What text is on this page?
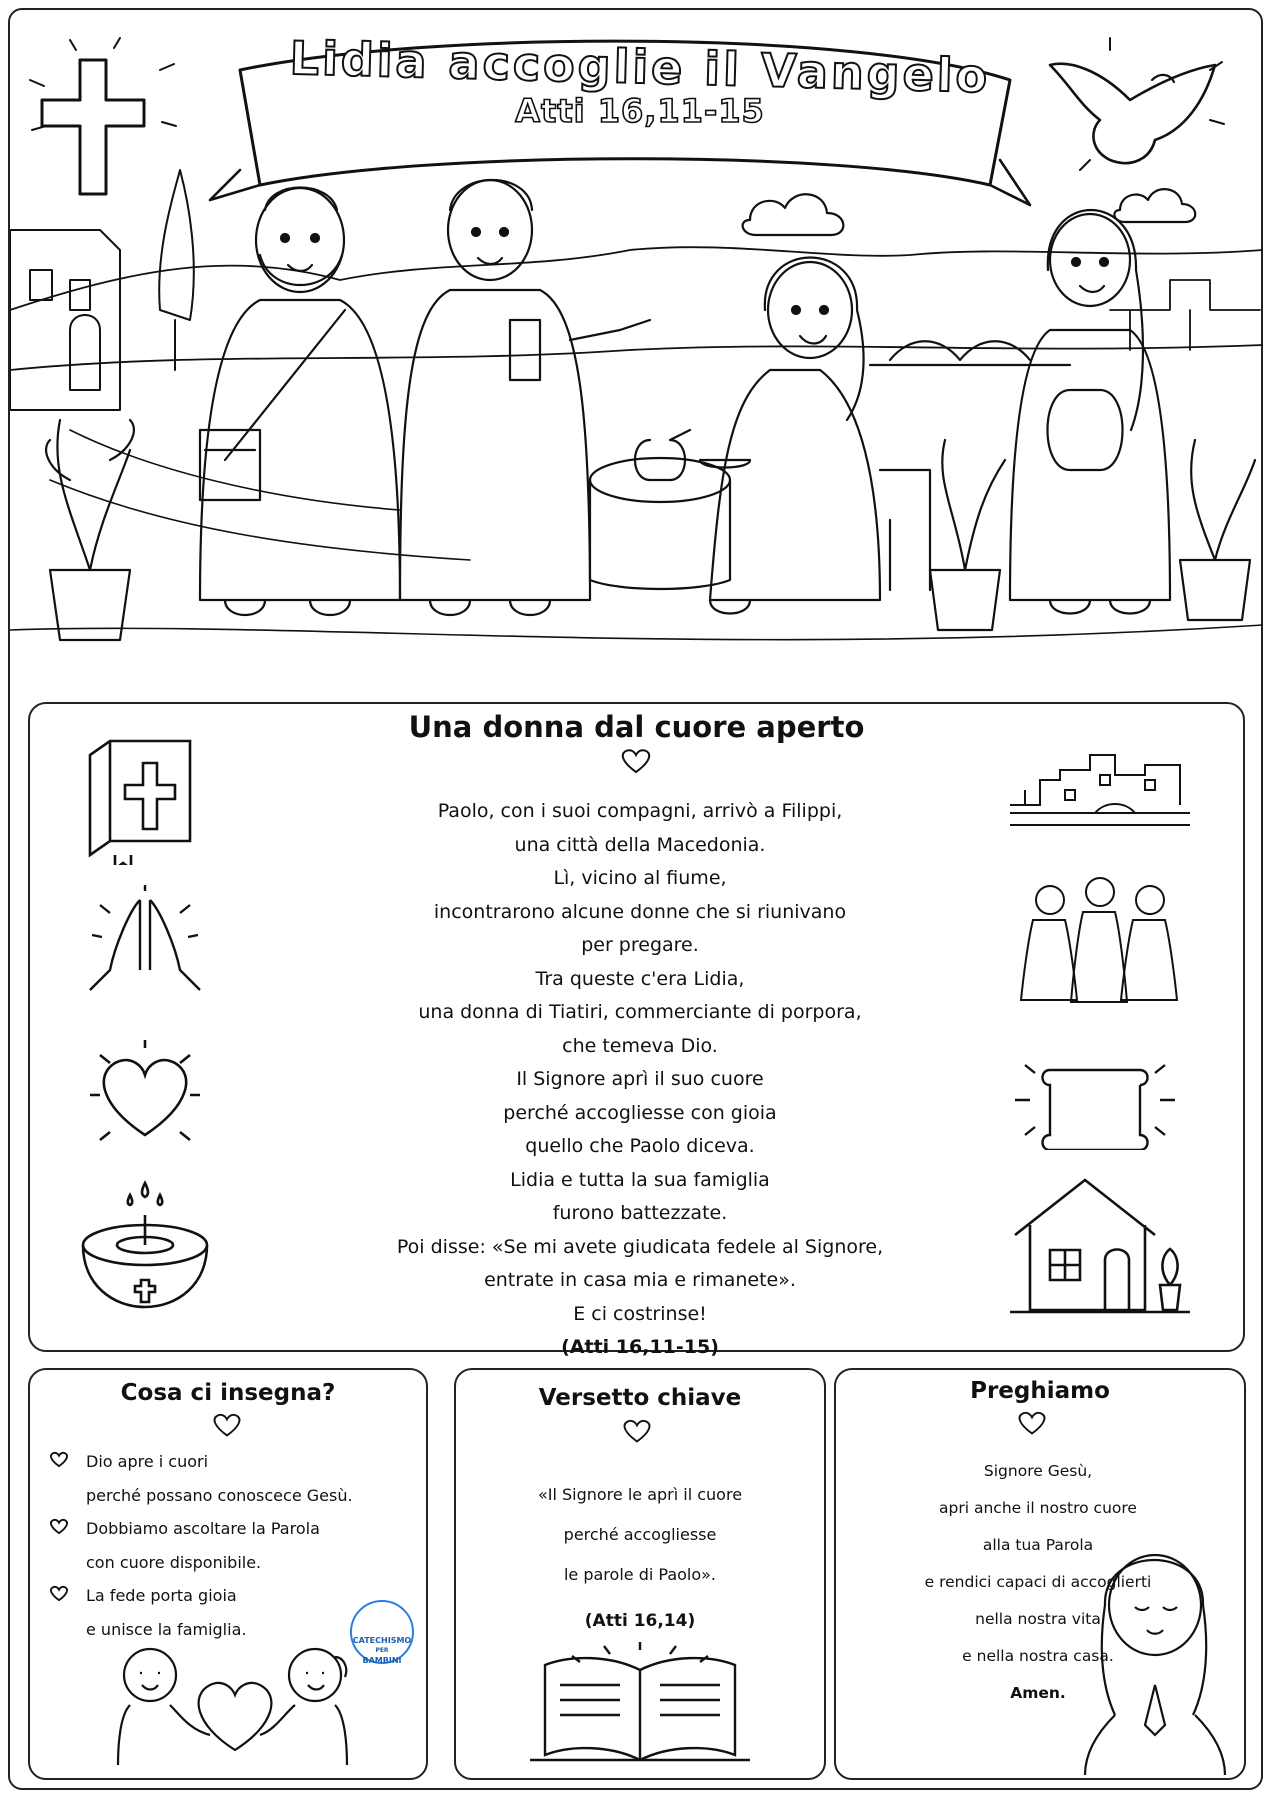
Lidia accoglie il Vangelo
Atti 16,11-15
Una donna dal cuore aperto
Paolo, con i suoi compagni, arrivò a Filippi,
una città della Macedonia.
Lì, vicino al fiume,
incontrarono alcune donne che si riunivano
per pregare.
Tra queste c'era Lidia,
una donna di Tiatiri, commerciante di porpora,
che temeva Dio.
Il Signore aprì il suo cuore
perché accogliesse con gioia
quello che Paolo diceva.
Lidia e tutta la sua famiglia
furono battezzate.
Poi disse: «Se mi avete giudicata fedele al Signore,
entrate in casa mia e rimanete».
E ci costrinse!
(Atti 16,11-15)
Cosa ci insegna?
Dio apre i cuori
perché possano conoscece Gesù.
Dobbiamo ascoltare la Parola
con cuore disponibile.
La fede porta gioia
e unisce la famiglia.
CATECHISMO
PER
BAMBINI
Versetto chiave
«Il Signore le aprì il cuore
perché accogliesse
le parole di Paolo».
(Atti 16,14)
Preghiamo
Signore Gesù,
apri anche il nostro cuore
alla tua Parola
e rendici capaci di accoglierti
nella nostra vita
e nella nostra casa.
Amen.
